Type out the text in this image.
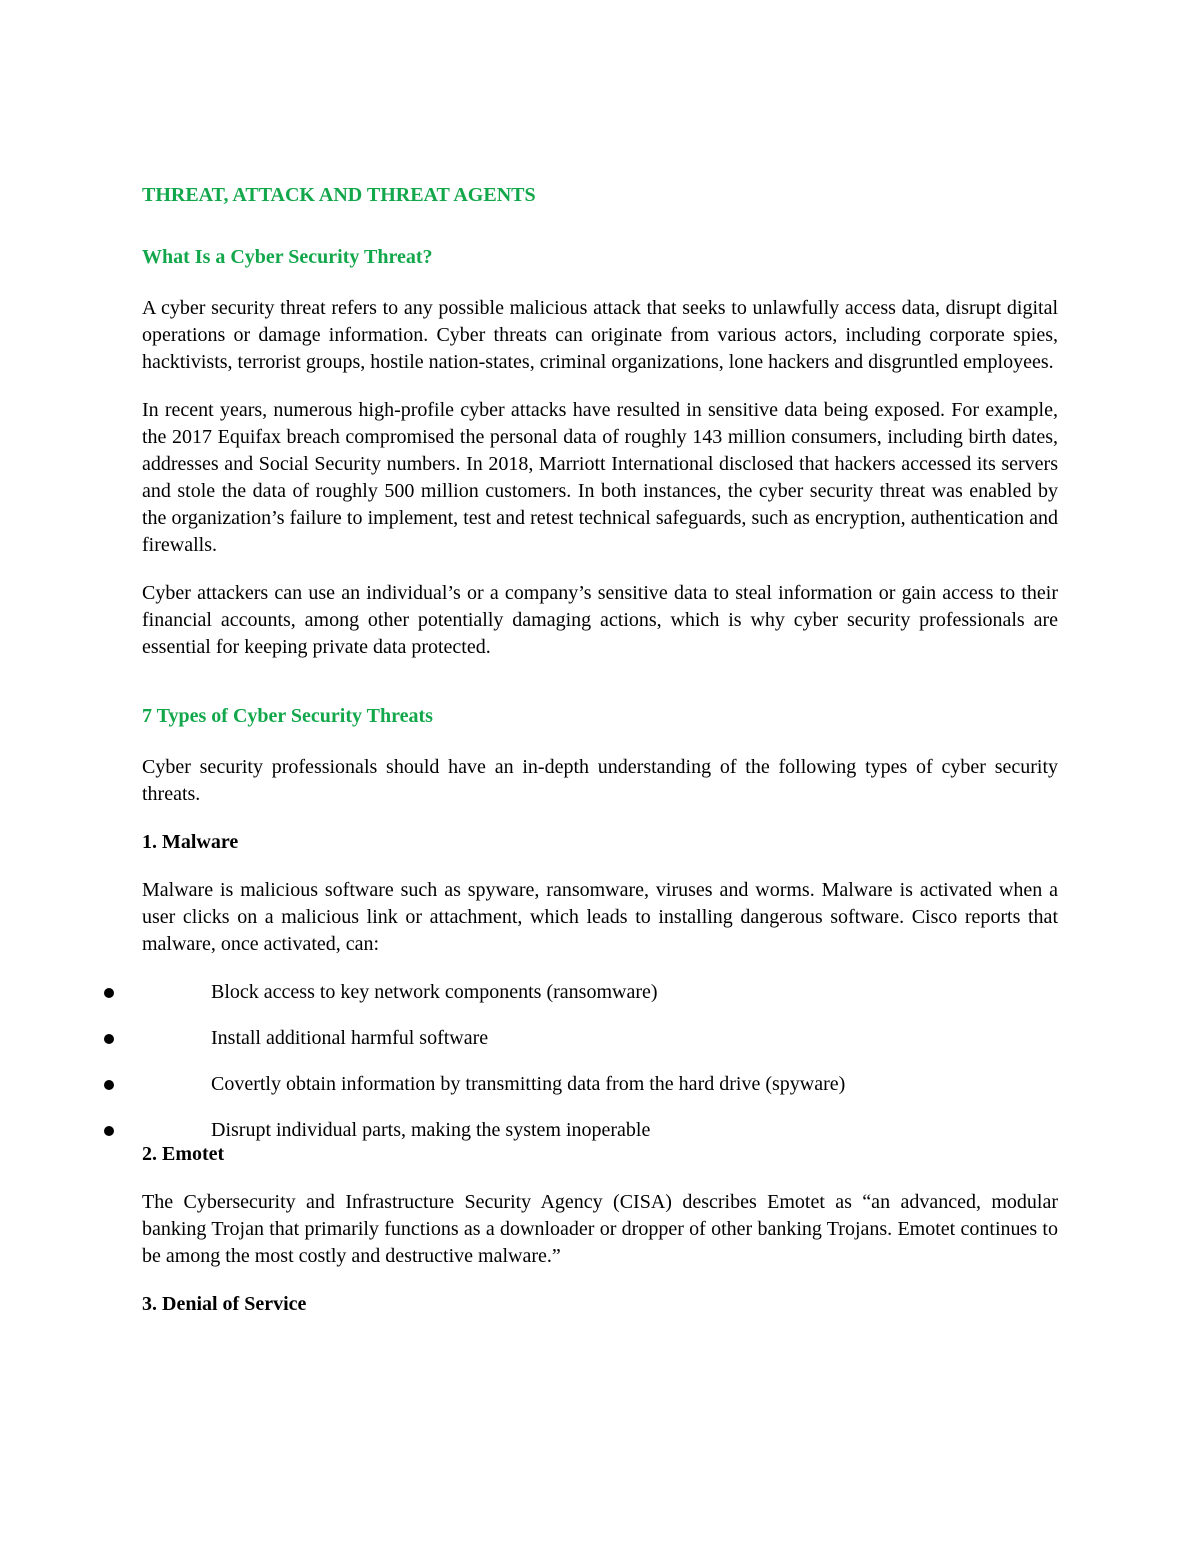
THREAT, ATTACK AND THREAT AGENTS
What Is a Cyber Security Threat?

A cyber security threat refers to any possible malicious attack that seeks to unlawfully access data, disrupt digital operations or damage information. Cyber threats can originate from various actors, including corporate spies, hacktivists, terrorist groups, hostile nation-states, criminal organizations, lone hackers and disgruntled employees.

In recent years, numerous high-profile cyber attacks have resulted in sensitive data being exposed. For example, the 2017 Equifax breach compromised the personal data of roughly 143 million consumers, including birth dates, addresses and Social Security numbers. In 2018, Marriott International disclosed that hackers accessed its servers and stole the data of roughly 500 million customers. In both instances, the cyber security threat was enabled by the organization’s failure to implement, test and retest technical safeguards, such as encryption, authentication and firewalls.

Cyber attackers can use an individual’s or a company’s sensitive data to steal information or gain access to their financial accounts, among other potentially damaging actions, which is why cyber security professionals are essential for keeping private data protected.

7 Types of Cyber Security Threats

Cyber security professionals should have an in-depth understanding of the following types of cyber security threats.

1. Malware

Malware is malicious software such as spyware, ransomware, viruses and worms. Malware is activated when a user clicks on a malicious link or attachment, which leads to installing dangerous software. Cisco reports that malware, once activated, can:

Block access to key network components (ransomware)
Install additional harmful software
Covertly obtain information by transmitting data from the hard drive (spyware)
Disrupt individual parts, making the system inoperable
2. Emotet

The Cybersecurity and Infrastructure Security Agency (CISA) describes Emotet as “an advanced, modular banking Trojan that primarily functions as a downloader or dropper of other banking Trojans. Emotet continues to be among the most costly and destructive malware.”

3. Denial of Service
